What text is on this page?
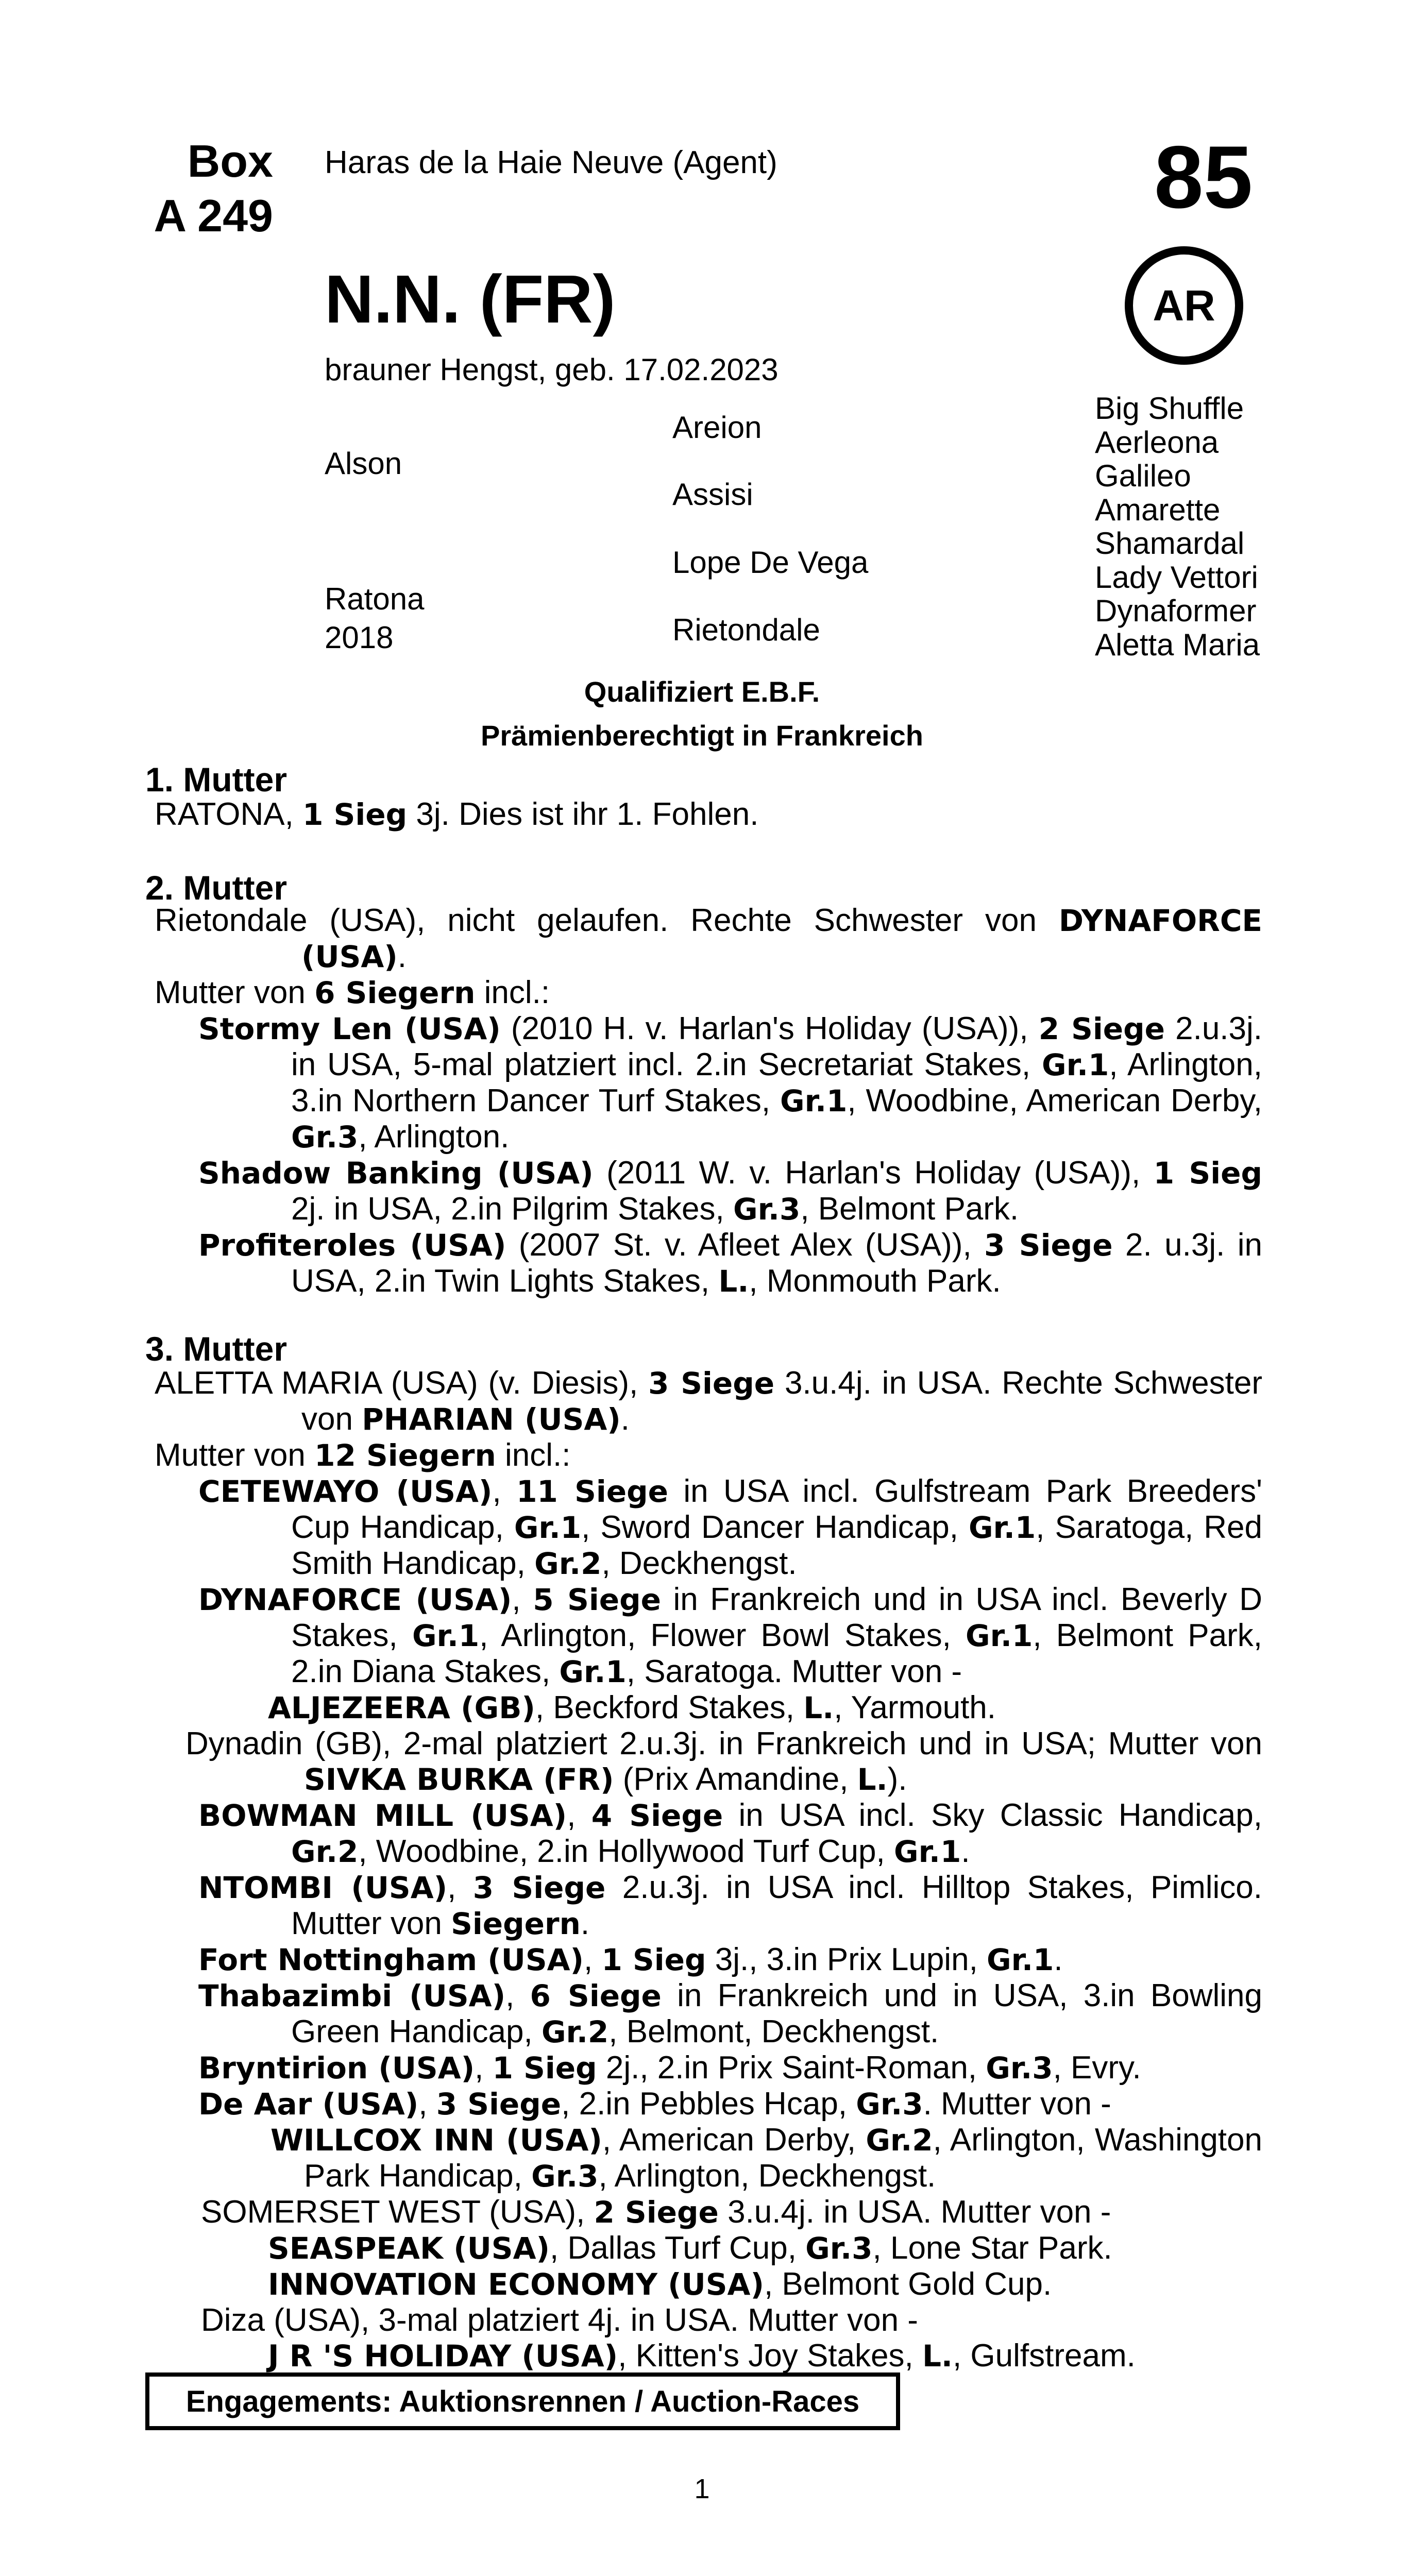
Box
A 249
Haras de la Haie Neuve (Agent)	85
AR
N.N. (FR)
brauner Hengst, geb. 17.02.2023
Alson
Ratona
2018
Areion
Assisi
Lope De Vega
Rietondale
Big Shuffle
Aerleona
Galileo
Amarette
Shamardal
Lady Vettori
Dynaformer
Aletta Maria
Qualifiziert E.B.F.
Prämienberechtigt in Frankreich
1. Mutter

RATONA, 1 Sieg 3j. Dies ist ihr 1. Fohlen.

2. Mutter

Rietondale (USA), nicht gelaufen. Rechte Schwester von DYNAFORCE (USA).

Mutter von 6 Siegern incl.:

Stormy Len (USA) (2010 H. v. Harlan's Holiday (USA)), 2 Siege 2.u.3j. in USA, 5-mal platziert incl. 2.in Secretariat Stakes, Gr.1, Arlington, 3.in Northern Dancer Turf Stakes, Gr.1, Woodbine, American Derby, Gr.3, Arlington.

Shadow Banking (USA) (2011 W. v. Harlan's Holiday (USA)), 1 Sieg 2j. in USA, 2.in Pilgrim Stakes, Gr.3, Belmont Park.

Profiteroles (USA) (2007 St. v. Afleet Alex (USA)), 3 Siege 2. u.3j. in USA, 2.in Twin Lights Stakes, L., Monmouth Park.

3. Mutter

ALETTA MARIA (USA) (v. Diesis), 3 Siege 3.u.4j. in USA. Rechte Schwester von PHARIAN (USA).

Mutter von 12 Siegern incl.:

CETEWAYO (USA), 11 Siege in USA incl. Gulfstream Park Breeders' Cup Handicap, Gr.1, Sword Dancer Handicap, Gr.1, Saratoga, Red Smith Handicap, Gr.2, Deckhengst.

DYNAFORCE (USA), 5 Siege in Frankreich und in USA incl. Beverly D Stakes, Gr.1, Arlington, Flower Bowl Stakes, Gr.1, Belmont Park, 2.in Diana Stakes, Gr.1, Saratoga. Mutter von -

ALJEZEERA (GB), Beckford Stakes, L., Yarmouth.

Dynadin (GB), 2-mal platziert 2.u.3j. in Frankreich und in USA; Mutter von SIVKA BURKA (FR) (Prix Amandine, L.).

BOWMAN MILL (USA), 4 Siege in USA incl. Sky Classic Handicap, Gr.2, Woodbine, 2.in Hollywood Turf Cup, Gr.1.

NTOMBI (USA), 3 Siege 2.u.3j. in USA incl. Hilltop Stakes, Pimlico. Mutter von Siegern.

Fort Nottingham (USA), 1 Sieg 3j., 3.in Prix Lupin, Gr.1.

Thabazimbi (USA), 6 Siege in Frankreich und in USA, 3.in Bowling Green Handicap, Gr.2, Belmont, Deckhengst.

Bryntirion (USA), 1 Sieg 2j., 2.in Prix Saint-Roman, Gr.3, Evry.

De Aar (USA), 3 Siege, 2.in Pebbles Hcap, Gr.3. Mutter von -

WILLCOX INN (USA), American Derby, Gr.2, Arlington, Washington Park Handicap, Gr.3, Arlington, Deckhengst.

SOMERSET WEST (USA), 2 Siege 3.u.4j. in USA. Mutter von -

SEASPEAK (USA), Dallas Turf Cup, Gr.3, Lone Star Park.

INNOVATION ECONOMY (USA), Belmont Gold Cup.

Diza (USA), 3-mal platziert 4j. in USA. Mutter von -

J R 'S HOLIDAY (USA), Kitten's Joy Stakes, L., Gulfstream.

Engagements: Auktionsrennen / Auction-Races
1
